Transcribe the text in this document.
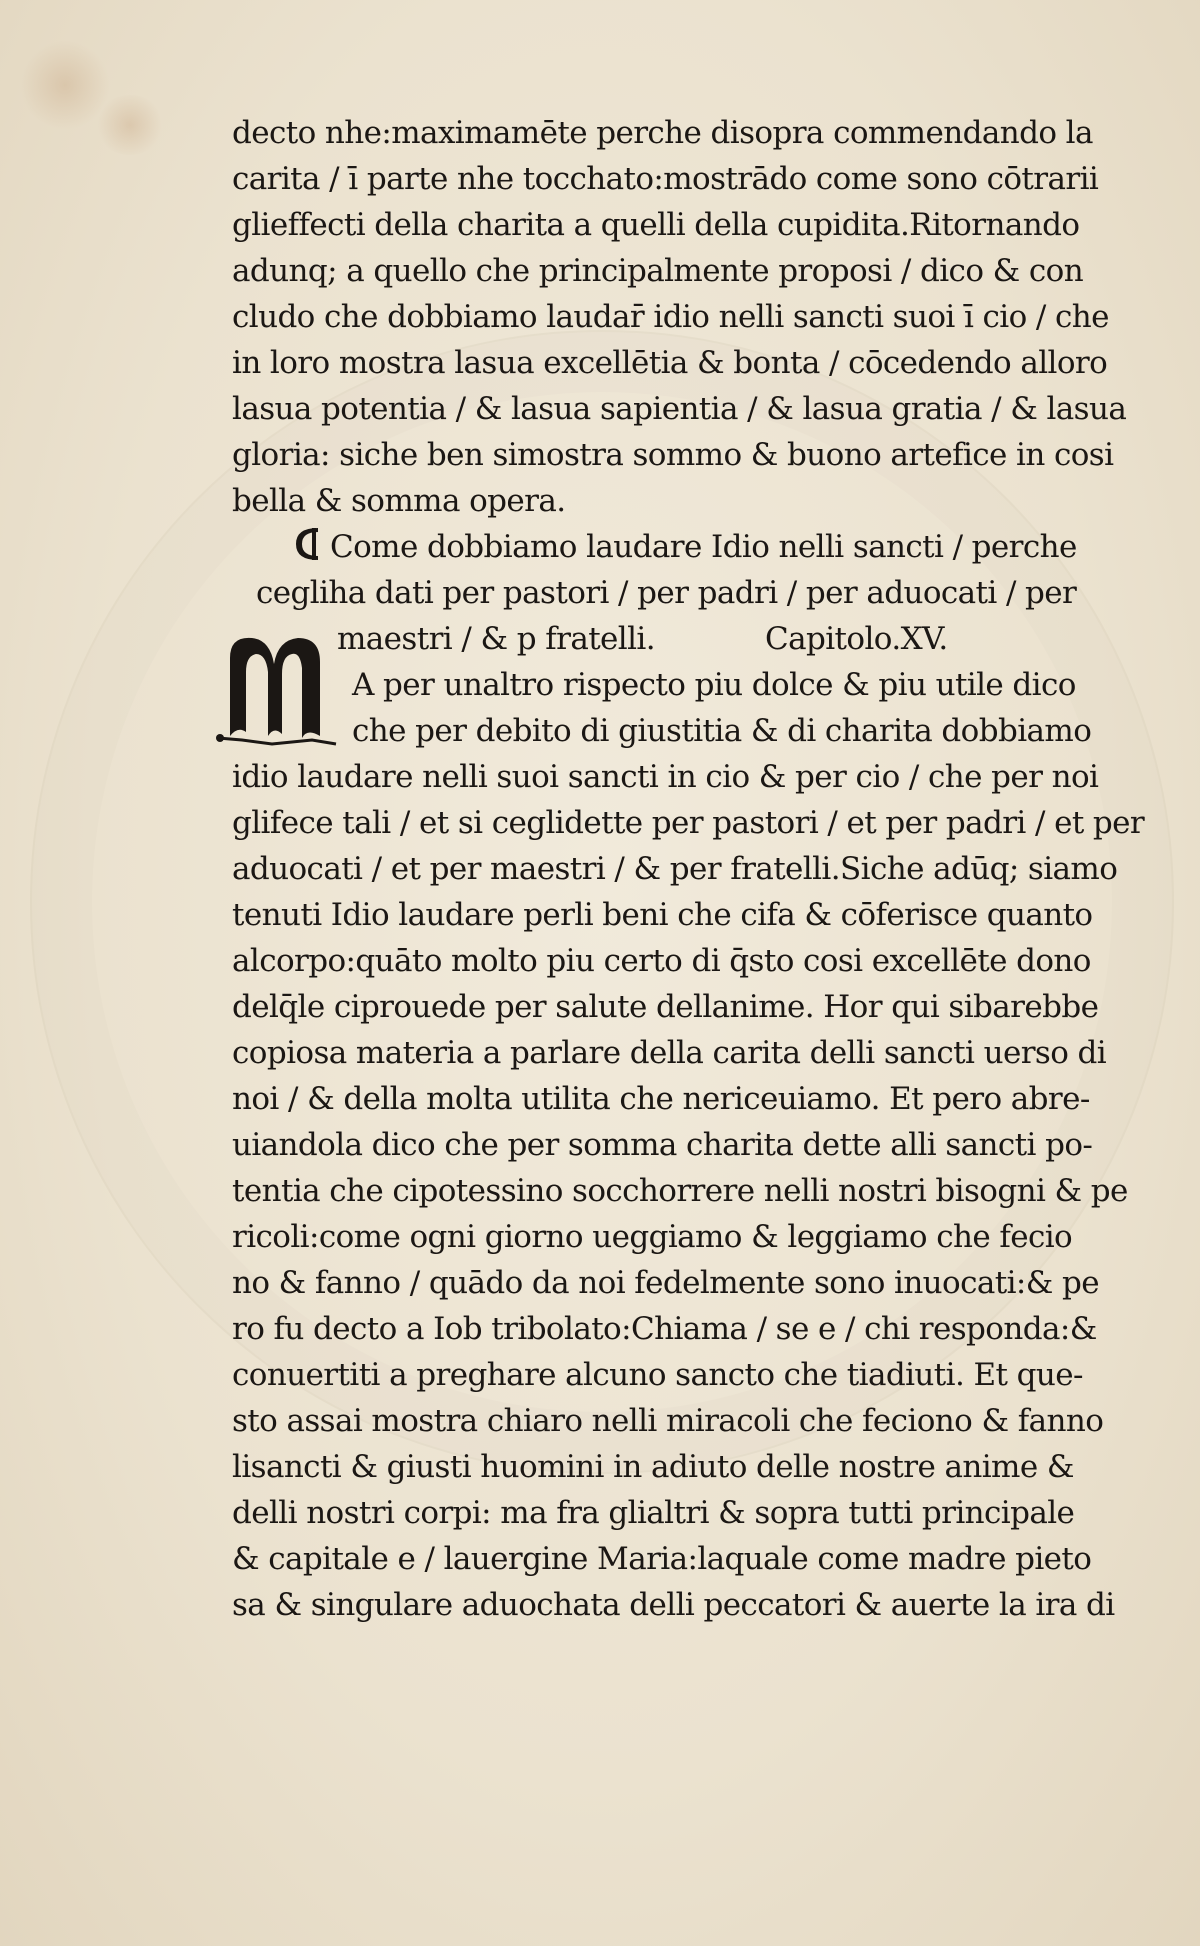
decto nhe:maximamēte perche disopra commendando la
carita / ī parte nhe tocchato:mostrādo come sono cōtrarii
glieffecti della charita a quelli della cupidita.Ritornando
adunq; a quello che principalmente proposi / dico & con
cludo che dobbiamo laudar̄ idio nelli sancti suoi ī cio / che
in loro mostra lasua excellētia & bonta / cōcedendo alloro
lasua potentia / & lasua sapientia / & lasua gratia / & lasua
gloria: siche ben simostra sommo & buono artefice in cosi
bella & somma opera.
Come dobbiamo laudare Idio nelli sancti / perche
cegliha dati per pastori / per padri / per aduocati / per
maestri / & p fratelli.	Capitolo.XV.
A per unaltro rispecto piu dolce & piu utile dico
che per debito di giustitia & di charita dobbiamo
idio laudare nelli suoi sancti in cio & per cio / che per noi
glifece tali / et si ceglidette per pastori / et per padri / et per
aduocati / et per maestri / & per fratelli.Siche adūq; siamo
tenuti Idio laudare perli beni che cifa & cōferisce quanto
alcorpo:quāto molto piu certo di q̄sto cosi excellēte dono
delq̄le ciprouede per salute dellanime. Hor qui sibarebbe
copiosa materia a parlare della carita delli sancti uerso di
noi / & della molta utilita che nericeuiamo. Et pero abre-
uiandola dico che per somma charita dette alli sancti po-
tentia che cipotessino socchorrere nelli nostri bisogni & pe
ricoli:come ogni giorno ueggiamo & leggiamo che fecio
no & fanno / quādo da noi fedelmente sono inuocati:& pe
ro fu decto a Iob tribolato:Chiama / se e / chi responda:&
conuertiti a preghare alcuno sancto che tiadiuti. Et que-
sto assai mostra chiaro nelli miracoli che feciono & fanno
lisancti & giusti huomini in adiuto delle nostre anime &
delli nostri corpi: ma fra glialtri & sopra tutti principale
& capitale e / lauergine Maria:laquale come madre pieto
sa & singulare aduochata delli peccatori & auerte la ira di
